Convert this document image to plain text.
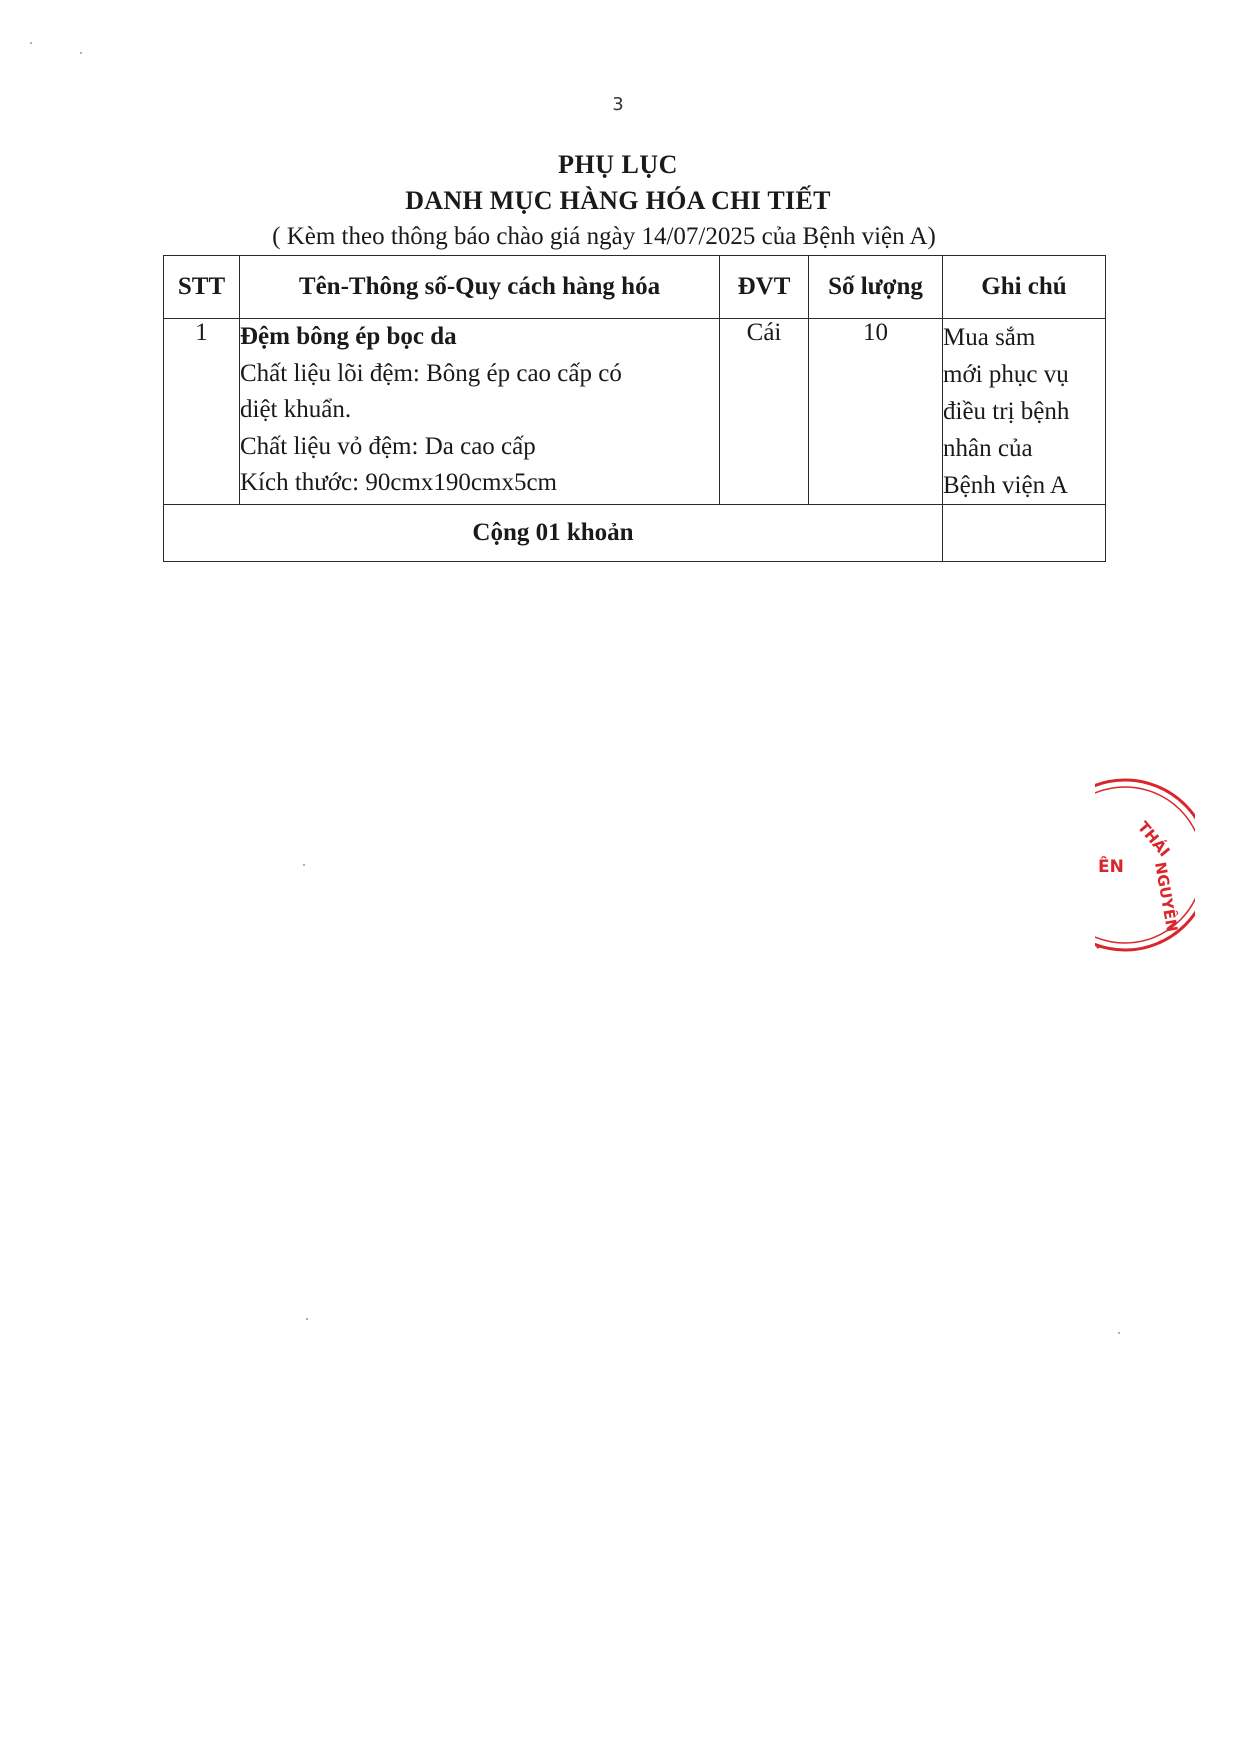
3
PHỤ LỤC
DANH MỤC HÀNG HÓA CHI TIẾT
( Kèm theo thông báo chào giá ngày 14/07/2025 của Bệnh viện A)
STT	Tên-Thông số-Quy cách hàng hóa	ĐVT	Số lượng	Ghi chú
1	Đệm bông ép bọc da
Chất liệu lõi đệm: Bông ép cao cấp có
diệt khuẩn.
Chất liệu vỏ đệm: Da cao cấp
Kích thước: 90cmx190cmx5cm	Cái	10	Mua sắm
mới phục vụ
điều trị bệnh
nhân của
Bệnh viện A

Cộng 01 khoản				
THÁI
NGUYÊN
ÊN
